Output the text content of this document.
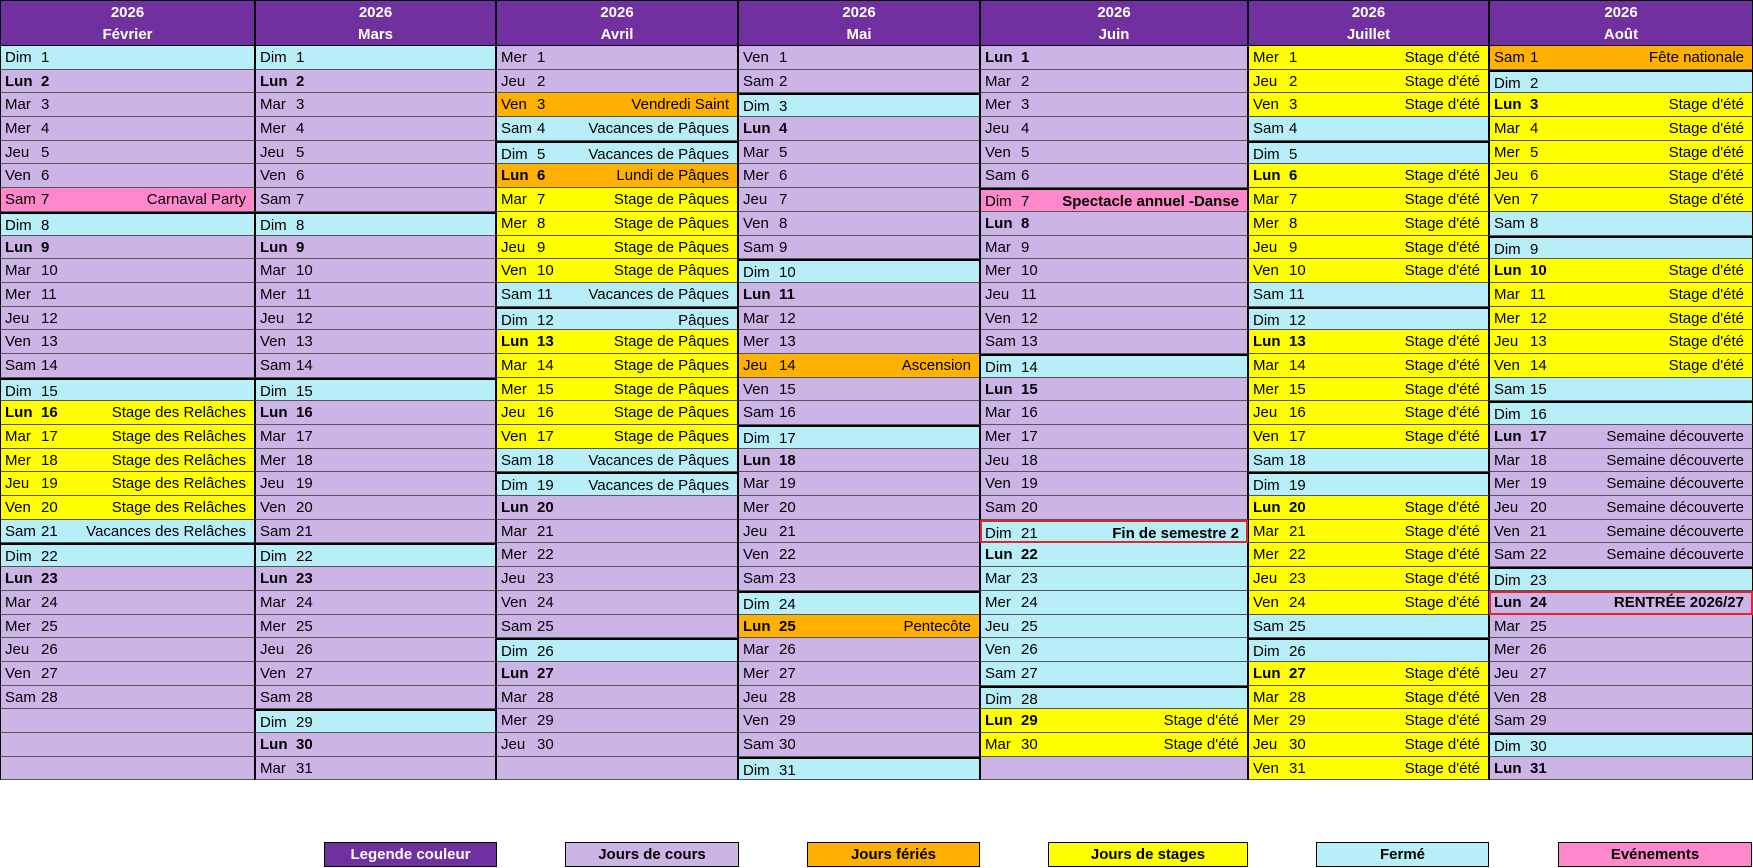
2026
Février
Dim 1
Lun 2
Mar 3
Mer 4
Jeu 5
Ven 6
Sam 7	Carnaval Party
Dim 8
Lun 9
Mar 10
Mer 11
Jeu 12
Ven 13
Sam 14
Dim 15
Lun 16	Stage des Relâches
Mar 17	Stage des Relâches
Mer 18	Stage des Relâches
Jeu 19	Stage des Relâches
Ven 20	Stage des Relâches
Sam 21 Vacances des Relâches
Dim 22
Lun 23
Mar 24
Mer 25
Jeu 26
Ven 27
Sam 28
2026
Mars
Dim 1
Lun 2
Mar 3
Mer 4
Jeu 5
Ven 6
Sam 7
Dim 8
Lun 9
Mar 10
Mer 11
Jeu 12
Ven 13
Sam 14
Dim 15
Lun 16
Mar 17
Mer 18
Jeu 19
Ven 20
Sam 21
Dim 22
Lun 23
Mar 24
Mer 25
Jeu 26
Ven 27
Sam 28
Dim 29
Lun 30
Mar 31
2026
Avril
Mer 1
Jeu 2
Ven 3	Vendredi Saint
Sam 4	Vacances de Pâques
Dim 5	Vacances de Pâques
Lun 6	Lundi de Pâques
Mar 7	Stage de Pâques
Mer 8	Stage de Pâques
Jeu 9	Stage de Pâques
Ven 10	Stage de Pâques
Sam 11 Vacances de Pâques
Dim 12	Pâques
Lun 13	Stage de Pâques
Mar 14	Stage de Pâques
Mer 15	Stage de Pâques
Jeu 16	Stage de Pâques
Ven 17	Stage de Pâques
Sam 18 Vacances de Pâques
Dim 19 Vacances de Pâques
Lun 20
Mar 21
Mer 22
Jeu 23
Ven 24
Sam 25
Dim 26
Lun 27
Mar 28
Mer 29
Jeu 30
2026
Mai
Ven 1
Sam 2
Dim 3
Lun 4
Mar 5
Mer 6
Jeu 7
Ven 8
Sam 9
Dim 10
Lun 11
Mar 12
Mer 13
Jeu 14	Ascension
Ven 15
Sam 16
Dim 17
Lun 18
Mar 19
Mer 20
Jeu 21
Ven 22
Sam 23
Dim 24
Lun 25	Pentecôte
Mar 26
Mer 27
Jeu 28
Ven 29
Sam 30
Dim 31
2026
Juin
Lun 1
Mar 2
Mer 3
Jeu 4
Ven 5
Sam 6
Dim 7 Spectacle annuel -Danse
Lun 8
Mar 9
Mer 10
Jeu 11
Ven 12
Sam 13
Dim 14
Lun 15
Mar 16
Mer 17
Jeu 18
Ven 19
Sam 20
Dim 21	Fin de semestre 2
Lun 22
Mar 23
Mer 24
Jeu 25
Ven 26
Sam 27
Dim 28
Lun 29	Stage d'été
Mar 30	Stage d'été
2026
Juillet
Mer 1	Stage d'été
Jeu 2	Stage d'été
Ven 3	Stage d'été
Sam 4
Dim 5
Lun 6	Stage d'été
Mar 7	Stage d'été
Mer 8	Stage d'été
Jeu 9	Stage d'été
Ven 10	Stage d'été
Sam 11
Dim 12
Lun 13	Stage d'été
Mar 14	Stage d'été
Mer 15	Stage d'été
Jeu 16	Stage d'été
Ven 17	Stage d'été
Sam 18
Dim 19
Lun 20	Stage d'été
Mar 21	Stage d'été
Mer 22	Stage d'été
Jeu 23	Stage d'été
Ven 24	Stage d'été
Sam 25
Dim 26
Lun 27	Stage d'été
Mar 28	Stage d'été
Mer 29	Stage d'été
Jeu 30	Stage d'été
Ven 31	Stage d'été
2026
Août
Sam 1	Fête nationale
Dim 2
Lun 3	Stage d'été
Mar 4	Stage d'été
Mer 5	Stage d'été
Jeu 6	Stage d'été
Ven 7	Stage d'été
Sam 8
Dim 9
Lun 10	Stage d'été
Mar 11	Stage d'été
Mer 12	Stage d'été
Jeu 13	Stage d'été
Ven 14	Stage d'été
Sam 15
Dim 16
Lun 17	Semaine découverte
Mar 18	Semaine découverte
Mer 19	Semaine découverte
Jeu 20	Semaine découverte
Ven 21	Semaine découverte
Sam 22	Semaine découverte
Dim 23
Lun 24	RENTRÉE 2026/27
Mar 25
Mer 26
Jeu 27
Ven 28
Sam 29
Dim 30
Lun 31
Legende couleur	Jours de cours	Jours fériés	Jours de stages	Fermé	Evénements
